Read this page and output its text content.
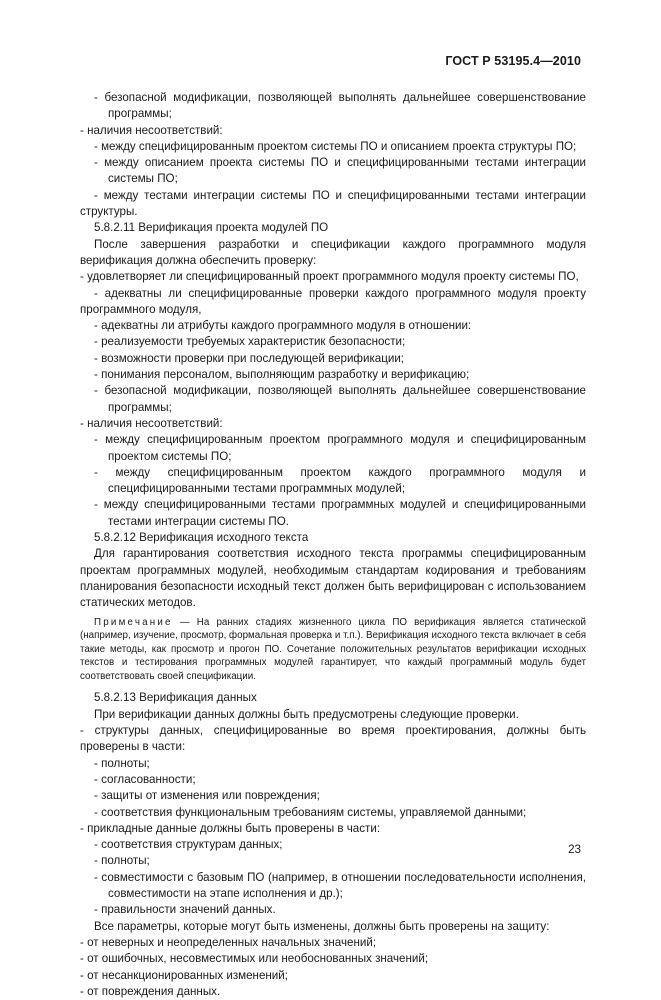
ГОСТ Р 53195.4—2010

- безопасной модификации, позволяющей выполнять дальнейшее совершенствование программы;

- наличия несоответствий:

- между специфицированным проектом системы ПО и описанием проекта структуры ПО;

- между описанием проекта системы ПО и специфицированными тестами интеграции системы ПО;

- между тестами интеграции системы ПО и специфицированными тестами интеграции структуры.

5.8.2.11 Верификация проекта модулей ПО

После завершения разработки и спецификации каждого программного модуля верификация должна обеспечить проверку:

- удовлетворяет ли специфицированный проект программного модуля проекту системы ПО,

- адекватны ли специфицированные проверки каждого программного модуля проекту программного модуля,

- адекватны ли атрибуты каждого программного модуля в отношении:

- реализуемости требуемых характеристик безопасности;

- возможности проверки при последующей верификации;

- понимания персоналом, выполняющим разработку и верификацию;

- безопасной модификации, позволяющей выполнять дальнейшее совершенствование программы;

- наличия несоответствий:

- между специфицированным проектом программного модуля и специфицированным проектом системы ПО;

- между специфицированным проектом каждого программного модуля и специфицированными тестами программных модулей;

- между специфицированными тестами программных модулей и специфицированными тестами интеграции системы ПО.

5.8.2.12 Верификация исходного текста

Для гарантирования соответствия исходного текста программы специфицированным проектам программных модулей, необходимым стандартам кодирования и требованиям планирования безопасности исходный текст должен быть верифицирован с использованием статических методов.

Примечание — На ранних стадиях жизненного цикла ПО верификация является статической (например, изучение, просмотр, формальная проверка и т.п.). Верификация исходного текста включает в себя такие методы, как просмотр и прогон ПО. Сочетание положительных результатов верификации исходных текстов и тестирования программных модулей гарантирует, что каждый программный модуль будет соответствовать своей спецификации.

5.8.2.13 Верификация данных

При верификации данных должны быть предусмотрены следующие проверки.

- структуры данных, специфицированные во время проектирования, должны быть проверены в части:

- полноты;

- согласованности;

- защиты от изменения или повреждения;

- соответствия функциональным требованиям системы, управляемой данными;

- прикладные данные должны быть проверены в части:

- соответствия структурам данных;

- полноты;

- совместимости с базовым ПО (например, в отношении последовательности исполнения, совместимости на этапе исполнения и др.);

- правильности значений данных.

Все параметры, которые могут быть изменены, должны быть проверены на защиту:

- от неверных и неопределенных начальных значений;

- от ошибочных, несовместимых или необоснованных значений;

- от несанкционированных изменений;

- от повреждения данных.

23
